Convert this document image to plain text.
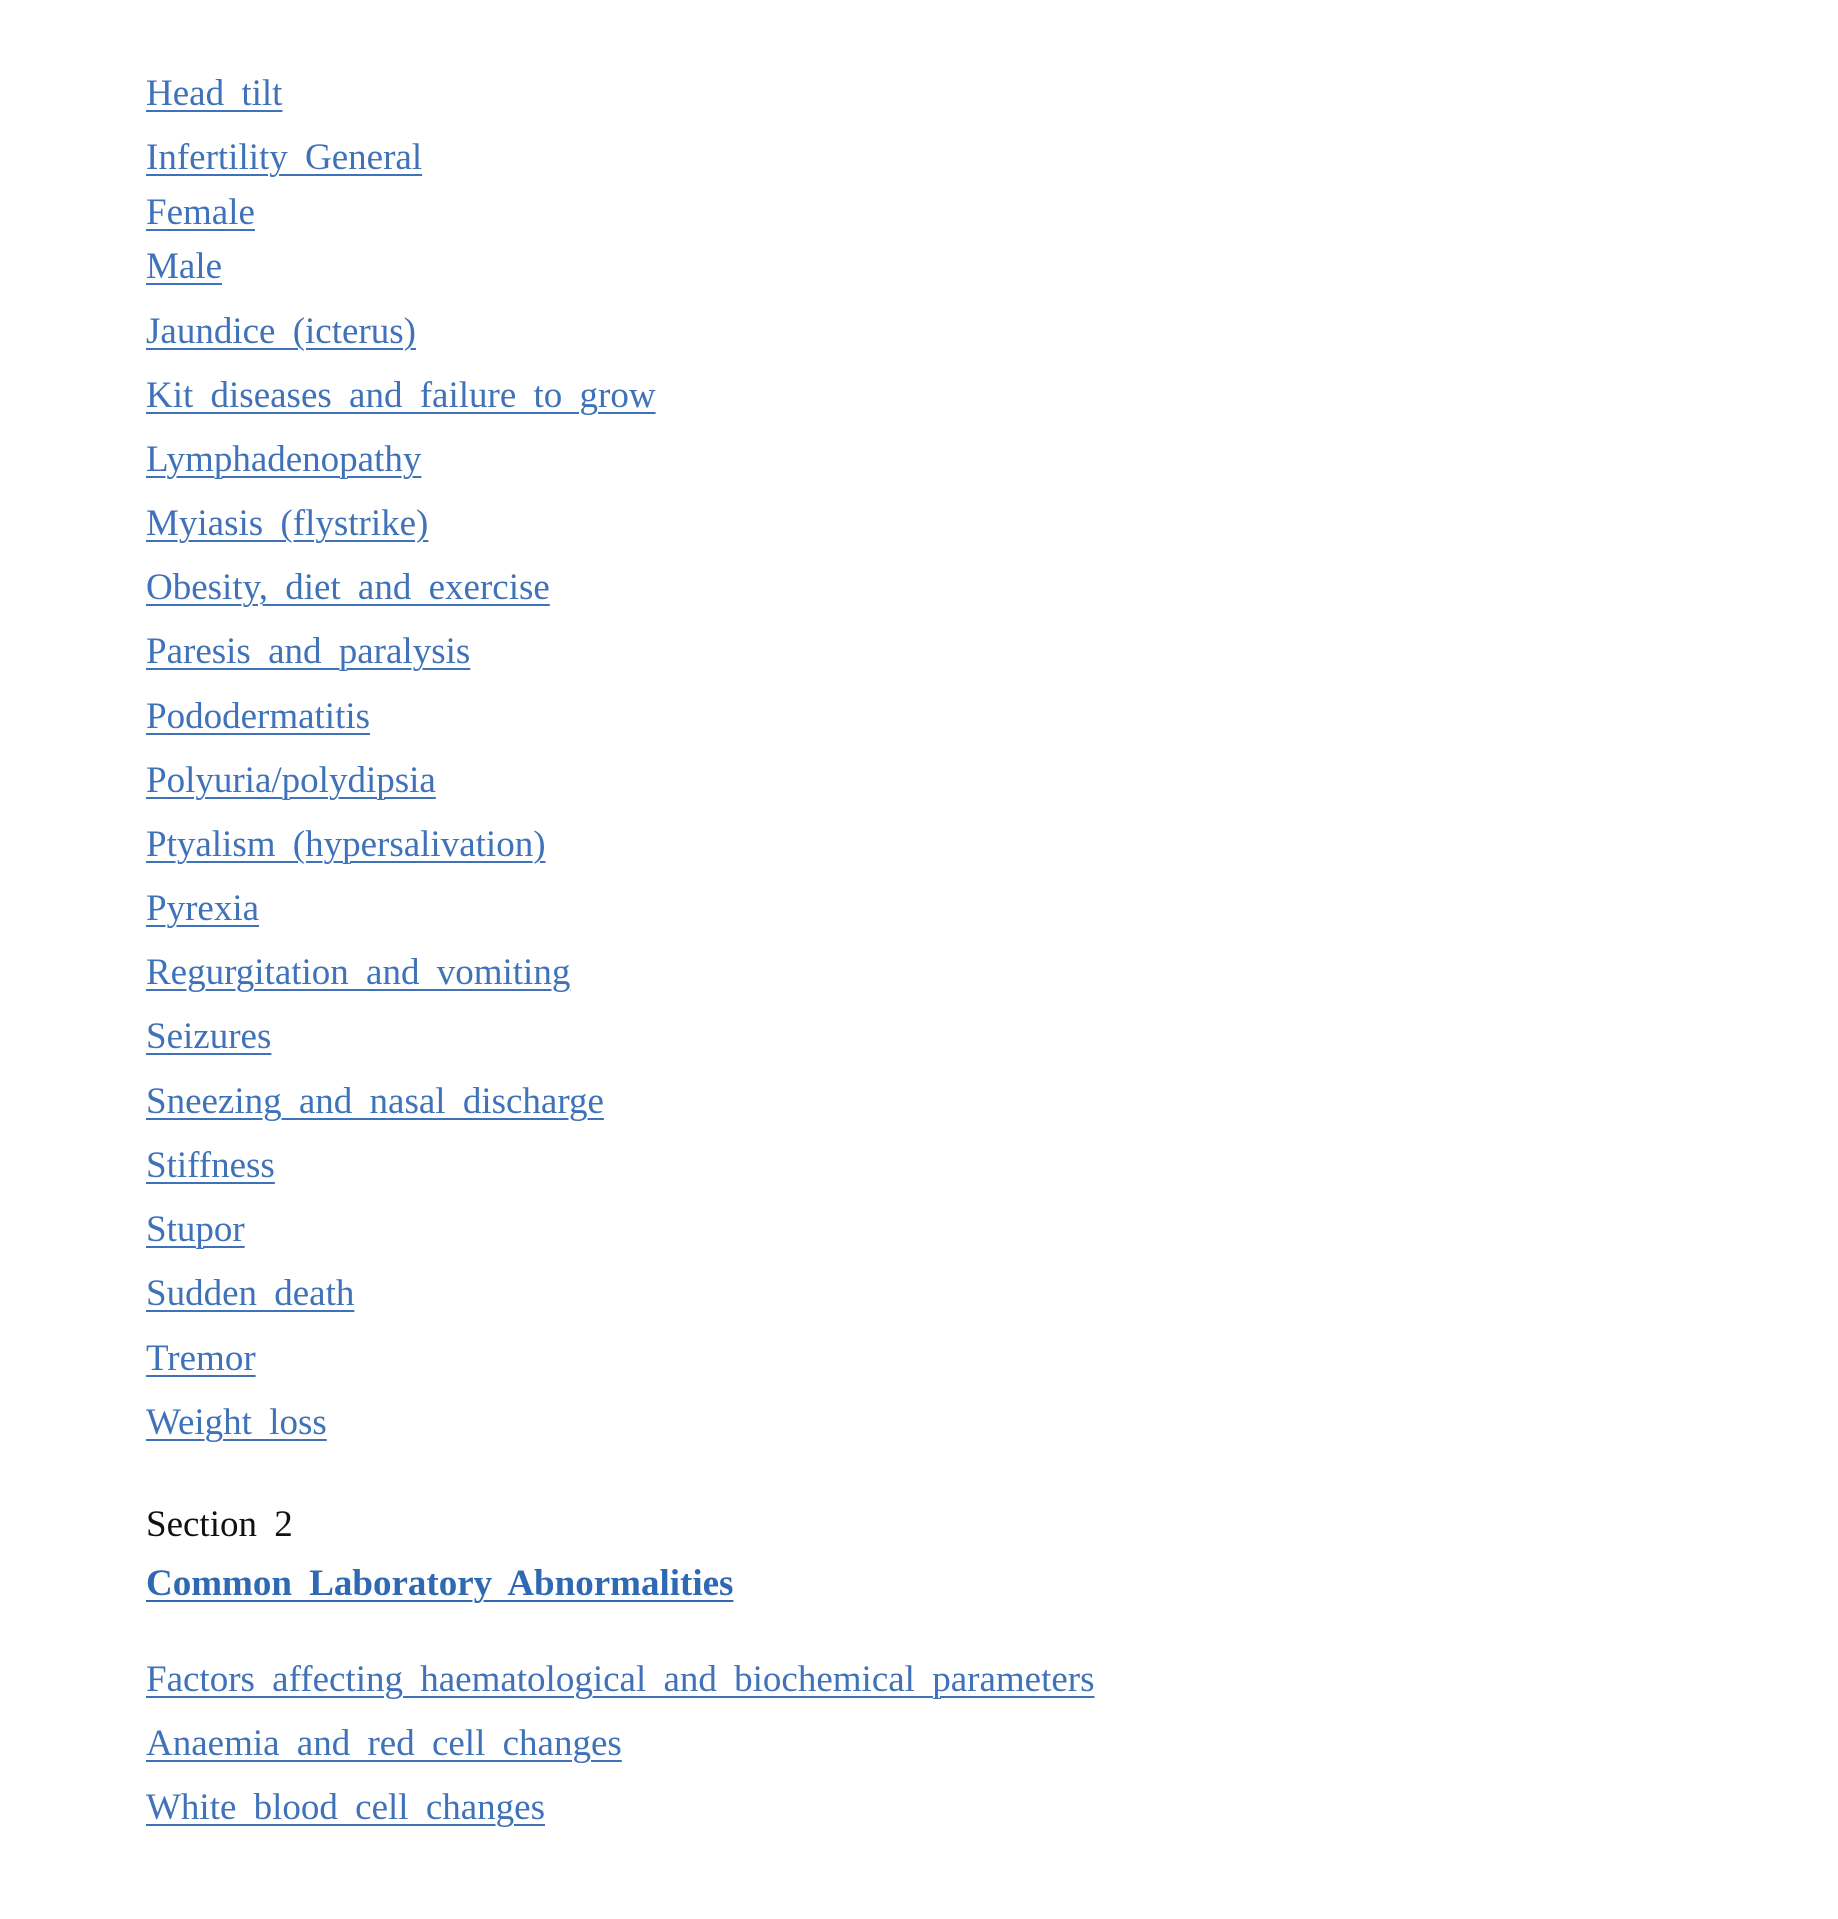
Head tilt
Infertility General
Female
Male
Jaundice (icterus)
Kit diseases and failure to grow
Lymphadenopathy
Myiasis (flystrike)
Obesity, diet and exercise
Paresis and paralysis
Pododermatitis
Polyuria/polydipsia
Ptyalism (hypersalivation)
Pyrexia
Regurgitation and vomiting
Seizures
Sneezing and nasal discharge
Stiffness
Stupor
Sudden death
Tremor
Weight loss
Section 2
Common Laboratory Abnormalities
Factors affecting haematological and biochemical parameters
Anaemia and red cell changes
White blood cell changes
